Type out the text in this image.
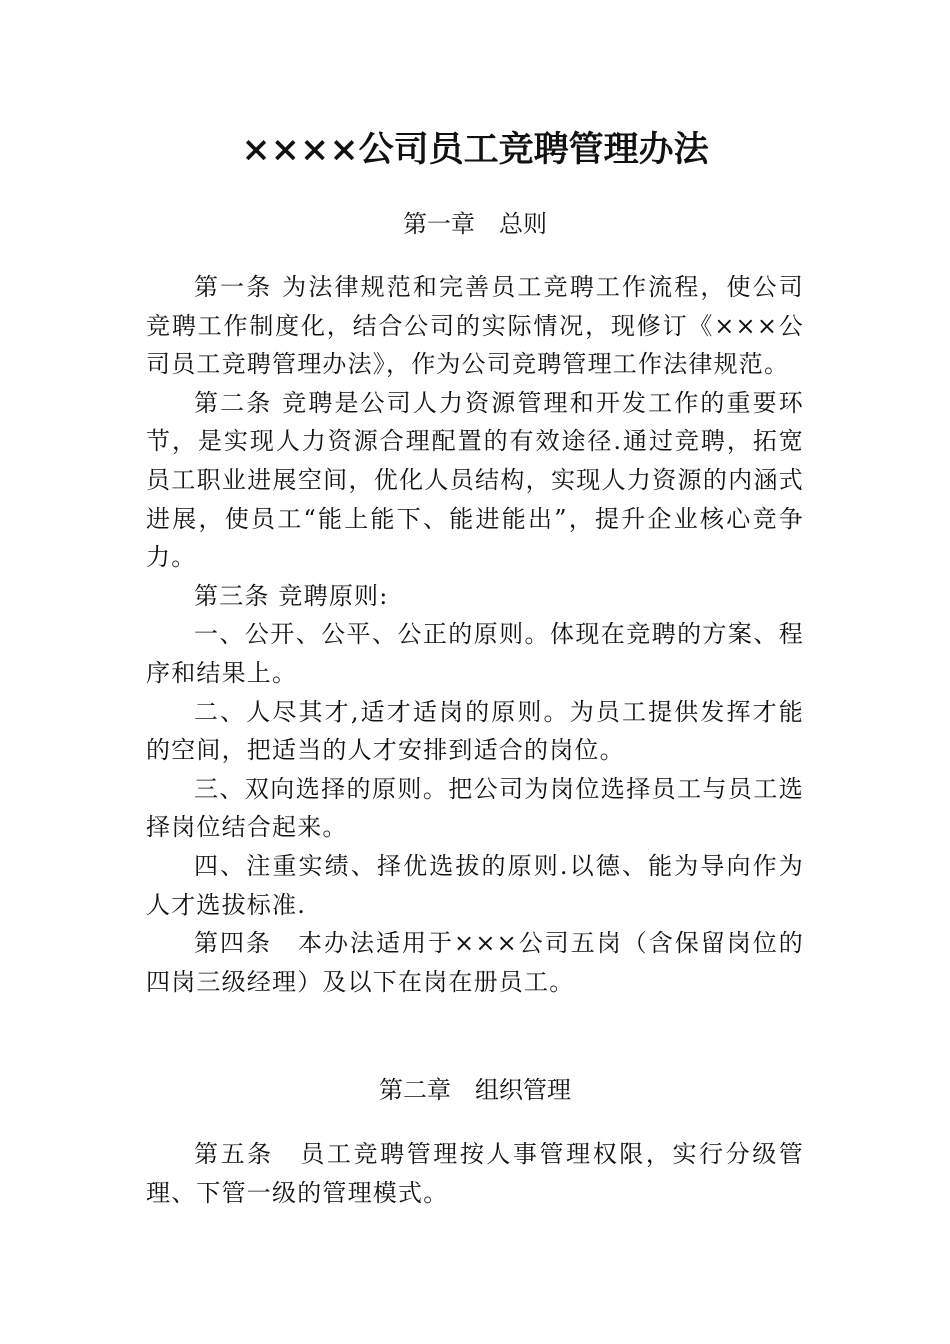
××××公司员工竞聘管理办法
第一章　总则

第一条 为法律规范和完善员工竞聘工作流程，使公司竞聘工作制度化，结合公司的实际情况，现修订《×××公司员工竞聘管理办法》，作为公司竞聘管理工作法律规范。

第二条 竞聘是公司人力资源管理和开发工作的重要环节，是实现人力资源合理配置的有效途径.通过竞聘，拓宽员工职业进展空间，优化人员结构，实现人力资源的内涵式进展，使员工“能上能下、能进能出”，提升企业核心竞争力。

第三条 竞聘原则:

一、公开、公平、公正的原则。体现在竞聘的方案、程序和结果上。

二、人尽其才,适才适岗的原则。为员工提供发挥才能的空间，把适当的人才安排到适合的岗位。

三、双向选择的原则。把公司为岗位选择员工与员工选择岗位结合起来。

四、注重实绩、择优选拔的原则.以德、能为导向作为人才选拔标准.

第四条　本办法适用于×××公司五岗（含保留岗位的四岗三级经理）及以下在岗在册员工。

第二章　组织管理

第五条　员工竞聘管理按人事管理权限，实行分级管理、下管一级的管理模式。
